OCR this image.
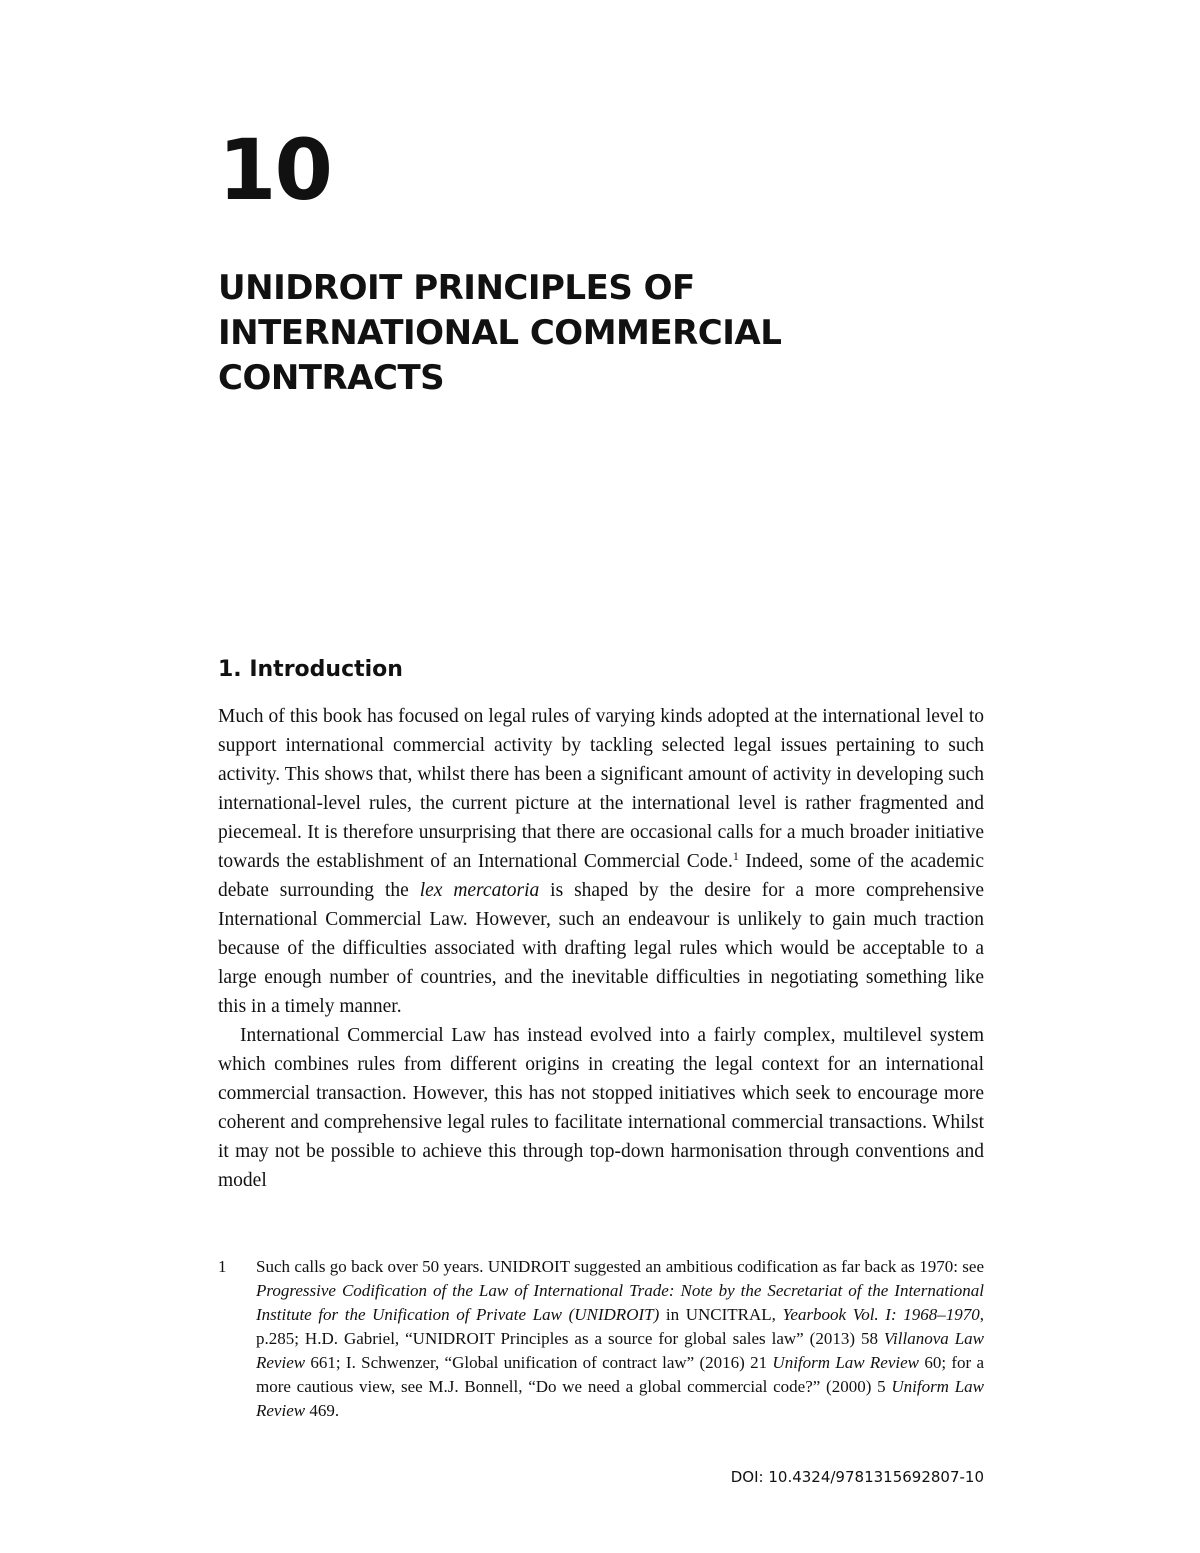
10
UNIDROIT PRINCIPLES OF
INTERNATIONAL COMMERCIAL
CONTRACTS
1. Introduction

Much of this book has focused on legal rules of varying kinds adopted at the international level to support international commercial activity by tackling selected legal issues pertaining to such activity. This shows that, whilst there has been a significant amount of activity in developing such international-level rules, the current picture at the international level is rather fragmented and piecemeal. It is therefore unsurprising that there are occasional calls for a much broader initiative towards the establishment of an International Commercial Code.$^1$ Indeed, some of the academic debate surrounding the lex mercatoria is shaped by the desire for a more comprehensive International Commercial Law. However, such an endeavour is unlikely to gain much traction because of the difficulties associated with drafting legal rules which would be acceptable to a large enough number of countries, and the inevitable difficulties in negotiating something like this in a timely manner.

International Commercial Law has instead evolved into a fairly complex, multilevel system which combines rules from different origins in creating the legal context for an international commercial transaction. However, this has not stopped initiatives which seek to encourage more coherent and comprehensive legal rules to facilitate international commercial transactions. Whilst it may not be possible to achieve this through top-down harmonisation through conventions and model

1 Such calls go back over 50 years. UNIDROIT suggested an ambitious codification as far back as 1970: see Progressive Codification of the Law of International Trade: Note by the Secretariat of the International Institute for the Unification of Private Law (UNIDROIT) in UNCITRAL, Yearbook Vol. I: 1968–1970, p.285; H.D. Gabriel, “UNIDROIT Principles as a source for global sales law” (2013) 58 Villanova Law Review 661; I. Schwenzer, “Global unification of contract law” (2016) 21 Uniform Law Review 60; for a more cautious view, see M.J. Bonnell, “Do we need a global commercial code?” (2000) 5 Uniform Law Review 469.
DOI: 10.4324/9781315692807-10
